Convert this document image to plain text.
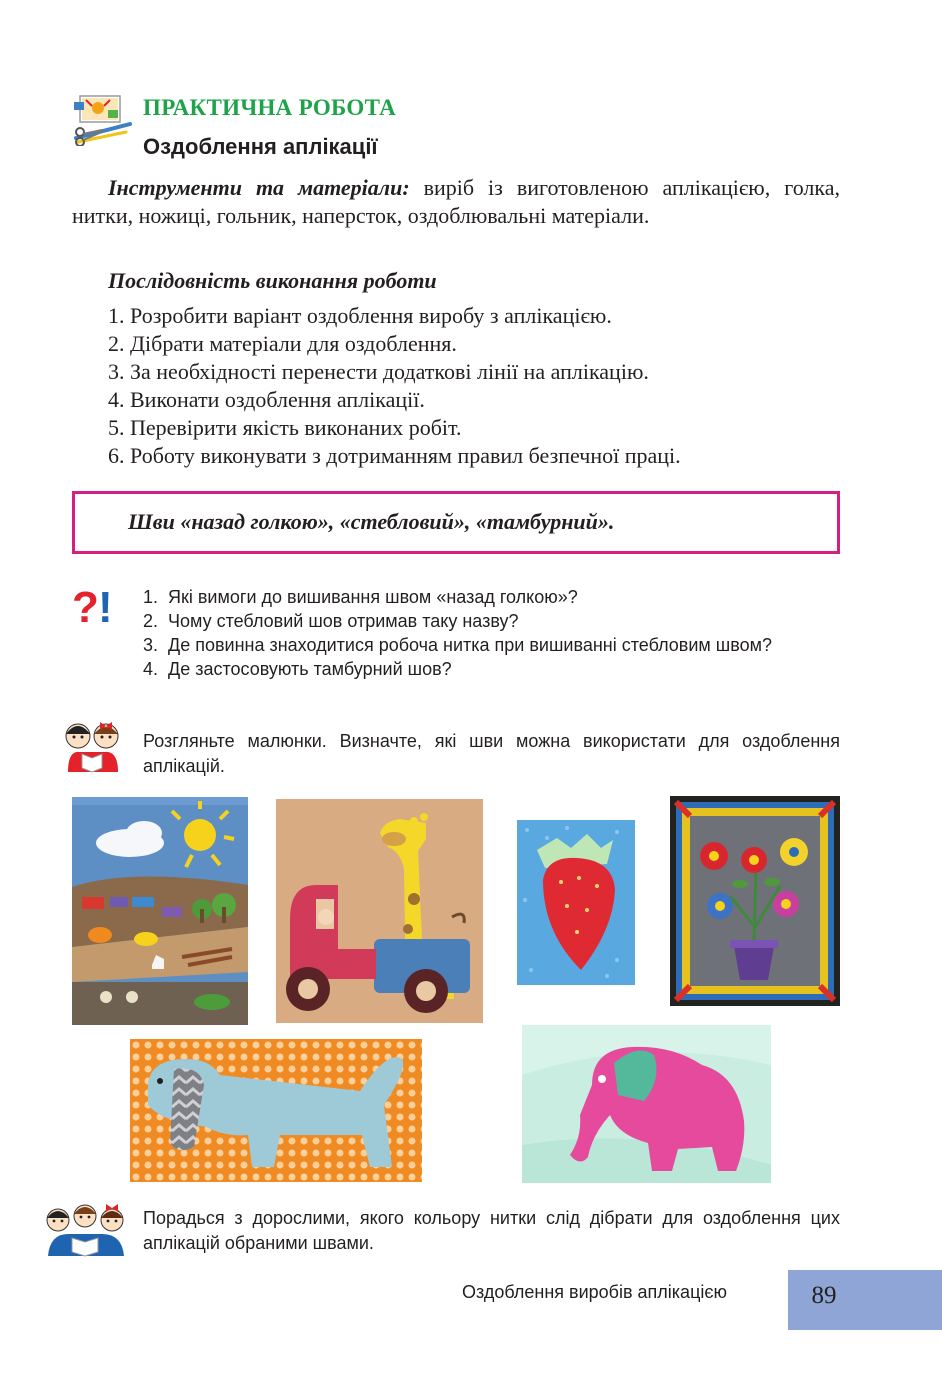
ПРАКТИЧНА РОБОТА
Оздоблення аплікації

Інструменти та матеріали: виріб із виготовленою аплікацією, голка, нитки, ножиці, гольник, наперсток, оздоблювальні матеріали.

Послідовність виконання роботи
1. Розробити варіант оздоблення виробу з аплікацією.
2. Дібрати матеріали для оздоблення.
3. За необхідності перенести додаткові лінії на аплікацію.
4. Виконати оздоблення аплікації.
5. Перевірити якість виконаних робіт.
6. Роботу виконувати з дотриманням правил безпечної праці.
Шви «назад голкою», «стебловий», «тамбурний».
? ! 1. Які вимоги до вишивання швом «назад голкою»?
2. Чому стебловий шов отримав таку назву?
3. Де повинна знаходитися робоча нитка при вишиванні стебловим швом?
4. Де застосовують тамбурний шов?

Розгляньте малюнки. Визначте, які шви можна використати для оздоблення аплікацій.

Порадься з дорослими, якого кольору нитки слід дібрати для оздоблення цих аплікацій обраними швами.

Оздоблення виробів аплікацією	89
